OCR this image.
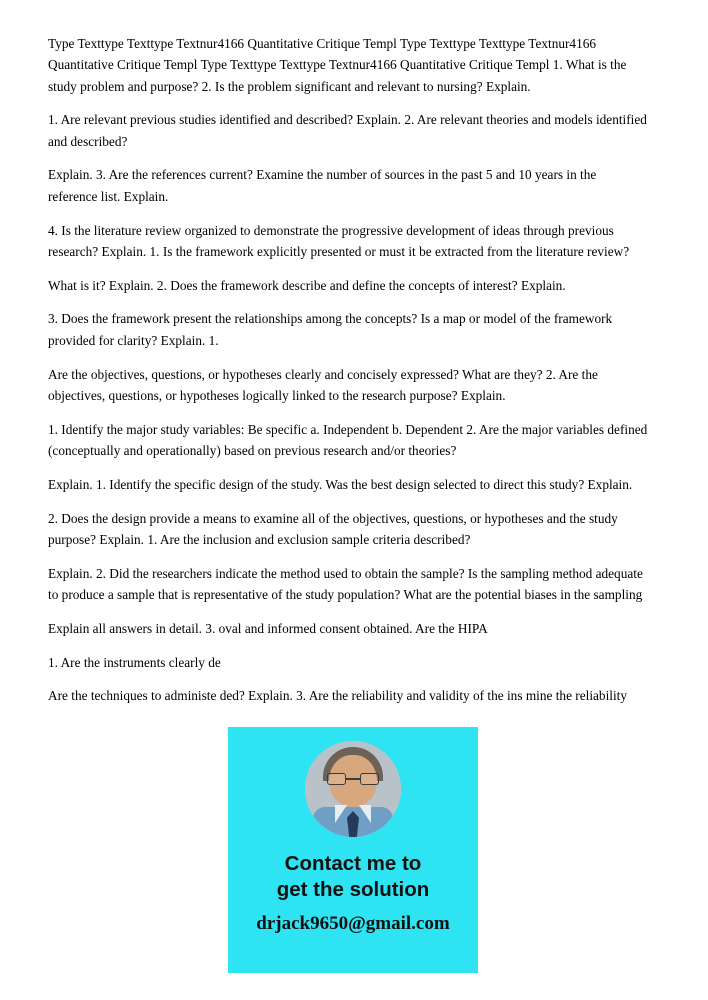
Type Texttype Texttype Textnur4166 Quantitative Critique Templ Type Texttype Texttype Textnur4166 Quantitative Critique Templ Type Texttype Texttype Textnur4166 Quantitative Critique Templ 1. What is the study problem and purpose? 2. Is the problem significant and relevant to nursing? Explain.

1. Are relevant previous studies identified and described? Explain. 2. Are relevant theories and models identified and described?

Explain. 3. Are the references current? Examine the number of sources in the past 5 and 10 years in the reference list. Explain.

4. Is the literature review organized to demonstrate the progressive development of ideas through previous research? Explain. 1. Is the framework explicitly presented or must it be extracted from the literature review?

What is it? Explain. 2. Does the framework describe and define the concepts of interest? Explain.

3. Does the framework present the relationships among the concepts? Is a map or model of the framework provided for clarity? Explain. 1.

Are the objectives, questions, or hypotheses clearly and concisely expressed? What are they? 2. Are the objectives, questions, or hypotheses logically linked to the research purpose? Explain.

1. Identify the major study variables: Be specific a. Independent b. Dependent 2. Are the major variables defined (conceptually and operationally) based on previous research and/or theories?

Explain. 1. Identify the specific design of the study. Was the best design selected to direct this study? Explain.

2. Does the design provide a means to examine all of the objectives, questions, or hypotheses and the study purpose? Explain. 1. Are the inclusion and exclusion sample criteria described?

Explain. 2. Did the researchers indicate the method used to obtain the sample? Is the sampling method adequate to produce a sample that is representative of the study population? What are the potential biases in the sampling

Explain all answers in detail. 3. oval and informed consent obtained. Are the HIPA

1. Are the instruments clearly de

Are the techniques to administe ded? Explain. 3. Are the reliability and validity of the ins mine the reliability

Contact me to
get the solution
drjack9650@gmail.com
